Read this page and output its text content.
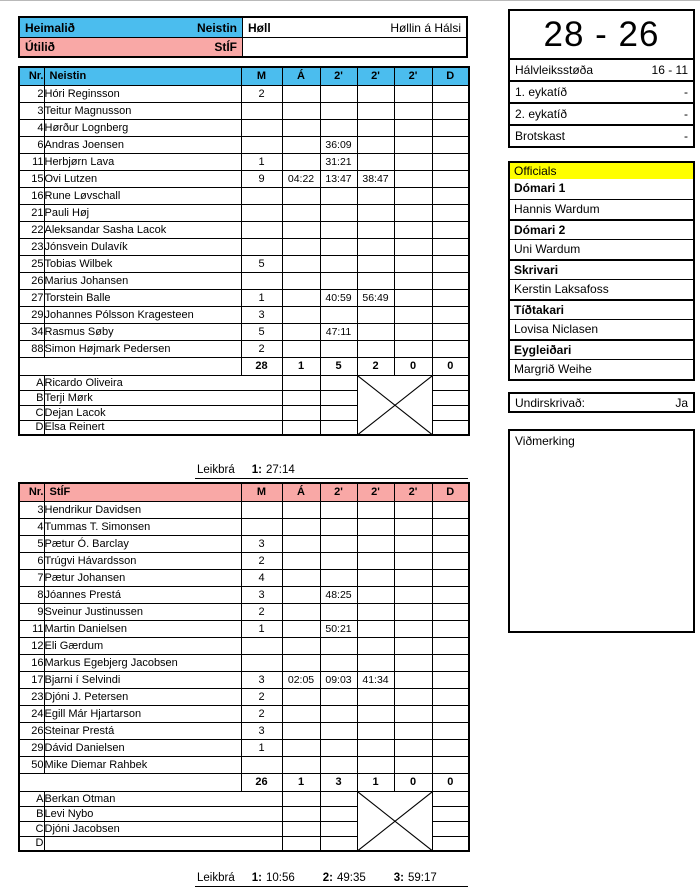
Heimalið	Neistin Høll	Høllin á Hálsi
Útilið	StÍF
Nr.	Neistin	M	Á	2'	2'	2'	D
2	Hóri Reginsson	2					
3	Teitur Magnusson						
4	Hørður Lognberg						
6	Andras Joensen			36:09			
11	Herbjørn Lava	1		31:21			
15	Ovi Lutzen	9	04:22	13:47	38:47		
16	Rune Løvschall						
21	Pauli Høj						
22	Aleksandar Sasha Lacok						
23	Jónsvein Dulavík						
25	Tobias Wilbek	5					
26	Marius Johansen						
27	Torstein Balle	1		40:59	56:49		
29	Johannes Pólsson Kragesteen	3					
34	Rasmus Søby	5		47:11			
88	Simon Højmark Pedersen	2					
		28	1	5	2	0	0
A	Ricardo Oliveira			

B	Terji Mørk						
C	Dejan Lacok						
D	Elsa Reinert						
Leikbrá 1: 27:14
Nr.	StÍF	M	Á	2'	2'	2'	D
3	Hendrikur Davidsen						
4	Tummas T. Simonsen						
5	Pætur Ó. Barclay	3					
6	Trúgvi Hávardsson	2					
7	Pætur Johansen	4					
8	Jóannes Prestá	3		48:25			
9	Sveinur Justinussen	2					
11	Martin Danielsen	1		50:21			
12	Eli Gærdum						
16	Markus Egebjerg Jacobsen						
17	Bjarni í Selvindi	3	02:05	09:03	41:34		
23	Djóni J. Petersen	2					
24	Egill Már Hjartarson	2					
26	Steinar Prestá	3					
29	Dávid Danielsen	1					
50	Mike Diemar Rahbek						
		26	1	3	1	0	0
A	Berkan Otman			

B	Levi Nybo						
C	Djóni Jacobsen						
D							
Leikbrá 1: 10:56 2: 49:35 3: 59:17
28 - 26
Hálvleiksstøða	16 - 11
1. eykatíð	-
2. eykatíð	-
Brotskast	-
Officials
Dómari 1
Hannis Wardum
Dómari 2
Uni Wardum
Skrivari
Kerstin Laksafoss
Tíðtakari
Lovisa Niclasen
Eygleiðari
Margrið Weihe
Undirskrivað:	Ja
Viðmerking
